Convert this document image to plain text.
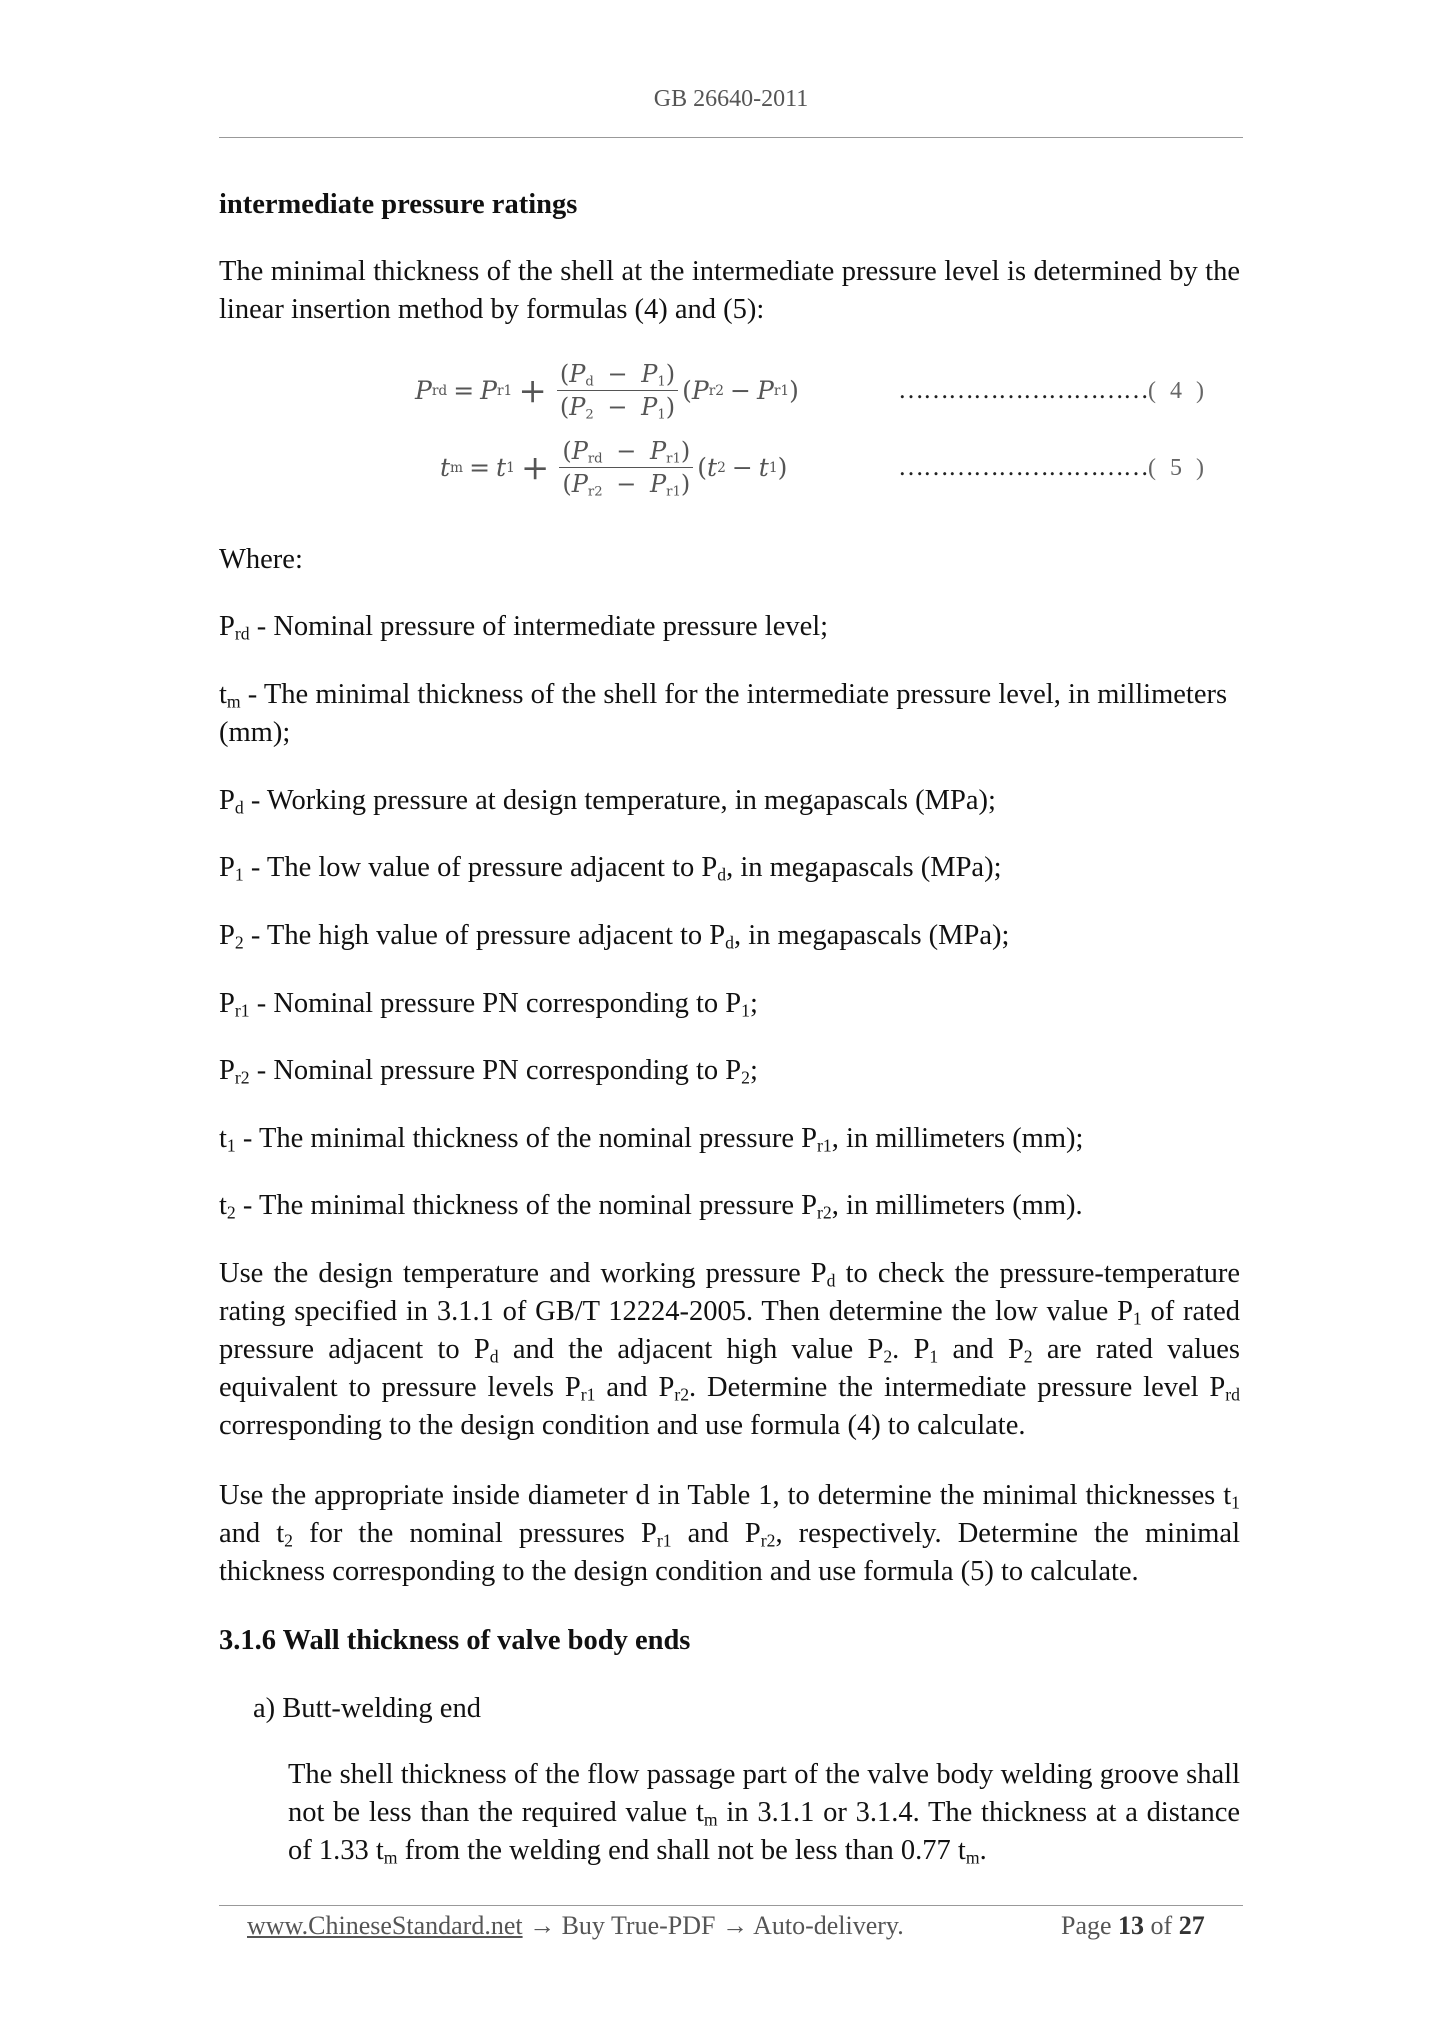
GB 26640-2011

intermediate pressure ratings

The minimal thickness of the shell at the intermediate pressure level is determined by the linear insertion method by formulas (4) and (5):

P rd = P $r1 + \frac{(P_d - P_1)}{(P_2 - P_1)}$ ( P r2 − P r1 )	…………………………( 4 )
t m = t $1 + \frac{(P_{rd} - P_{r1})}{(P_{r2} - P_{r1})}$ ( t 2 − t 1 )	…………………………( 5 )

Where:

$P_{rd}$ - Nominal pressure of intermediate pressure level;

$t_m$ - The minimal thickness of the shell for the intermediate pressure level, in millimeters (mm);

$P_d$ - Working pressure at design temperature, in megapascals (MPa);

$P_1$ - The low value of pressure adjacent to $P_d$, in megapascals (MPa);

$P_2$ - The high value of pressure adjacent to $P_d$, in megapascals (MPa);

$P_{r1}$ - Nominal pressure PN corresponding to $P_1$;

$P_{r2}$ - Nominal pressure PN corresponding to $P_2$;

$t_1$ - The minimal thickness of the nominal pressure $P_{r1}$, in millimeters (mm);

$t_2$ - The minimal thickness of the nominal pressure $P_{r2}$, in millimeters (mm).

Use the design temperature and working pressure $P_d$ to check the pressure-temperature rating specified in 3.1.1 of GB/T 12224-2005. Then determine the low value $P_1$ of rated pressure adjacent to $P_d$ and the adjacent high value $P_2$. $P_1$ and $P_2$ are rated values equivalent to pressure levels $P_{r1}$ and $P_{r2}$. Determine the intermediate pressure level $P_{rd}$ corresponding to the design condition and use formula (4) to calculate.

Use the appropriate inside diameter d in Table 1, to determine the minimal thicknesses $t_1$ and $t_2$ for the nominal pressures $P_{r1}$ and $P_{r2}$, respectively. Determine the minimal thickness corresponding to the design condition and use formula (5) to calculate.

3.1.6 Wall thickness of valve body ends

a) Butt-welding end

The shell thickness of the flow passage part of the valve body welding groove shall not be less than the required value $t_m$ in 3.1.1 or 3.1.4. The thickness at a distance of 1.33 $t_m$ from the welding end shall not be less than 0.77 $t_m$.

www.ChineseStandard.net → Buy True-PDF → Auto-delivery.	Page 13 of 27
